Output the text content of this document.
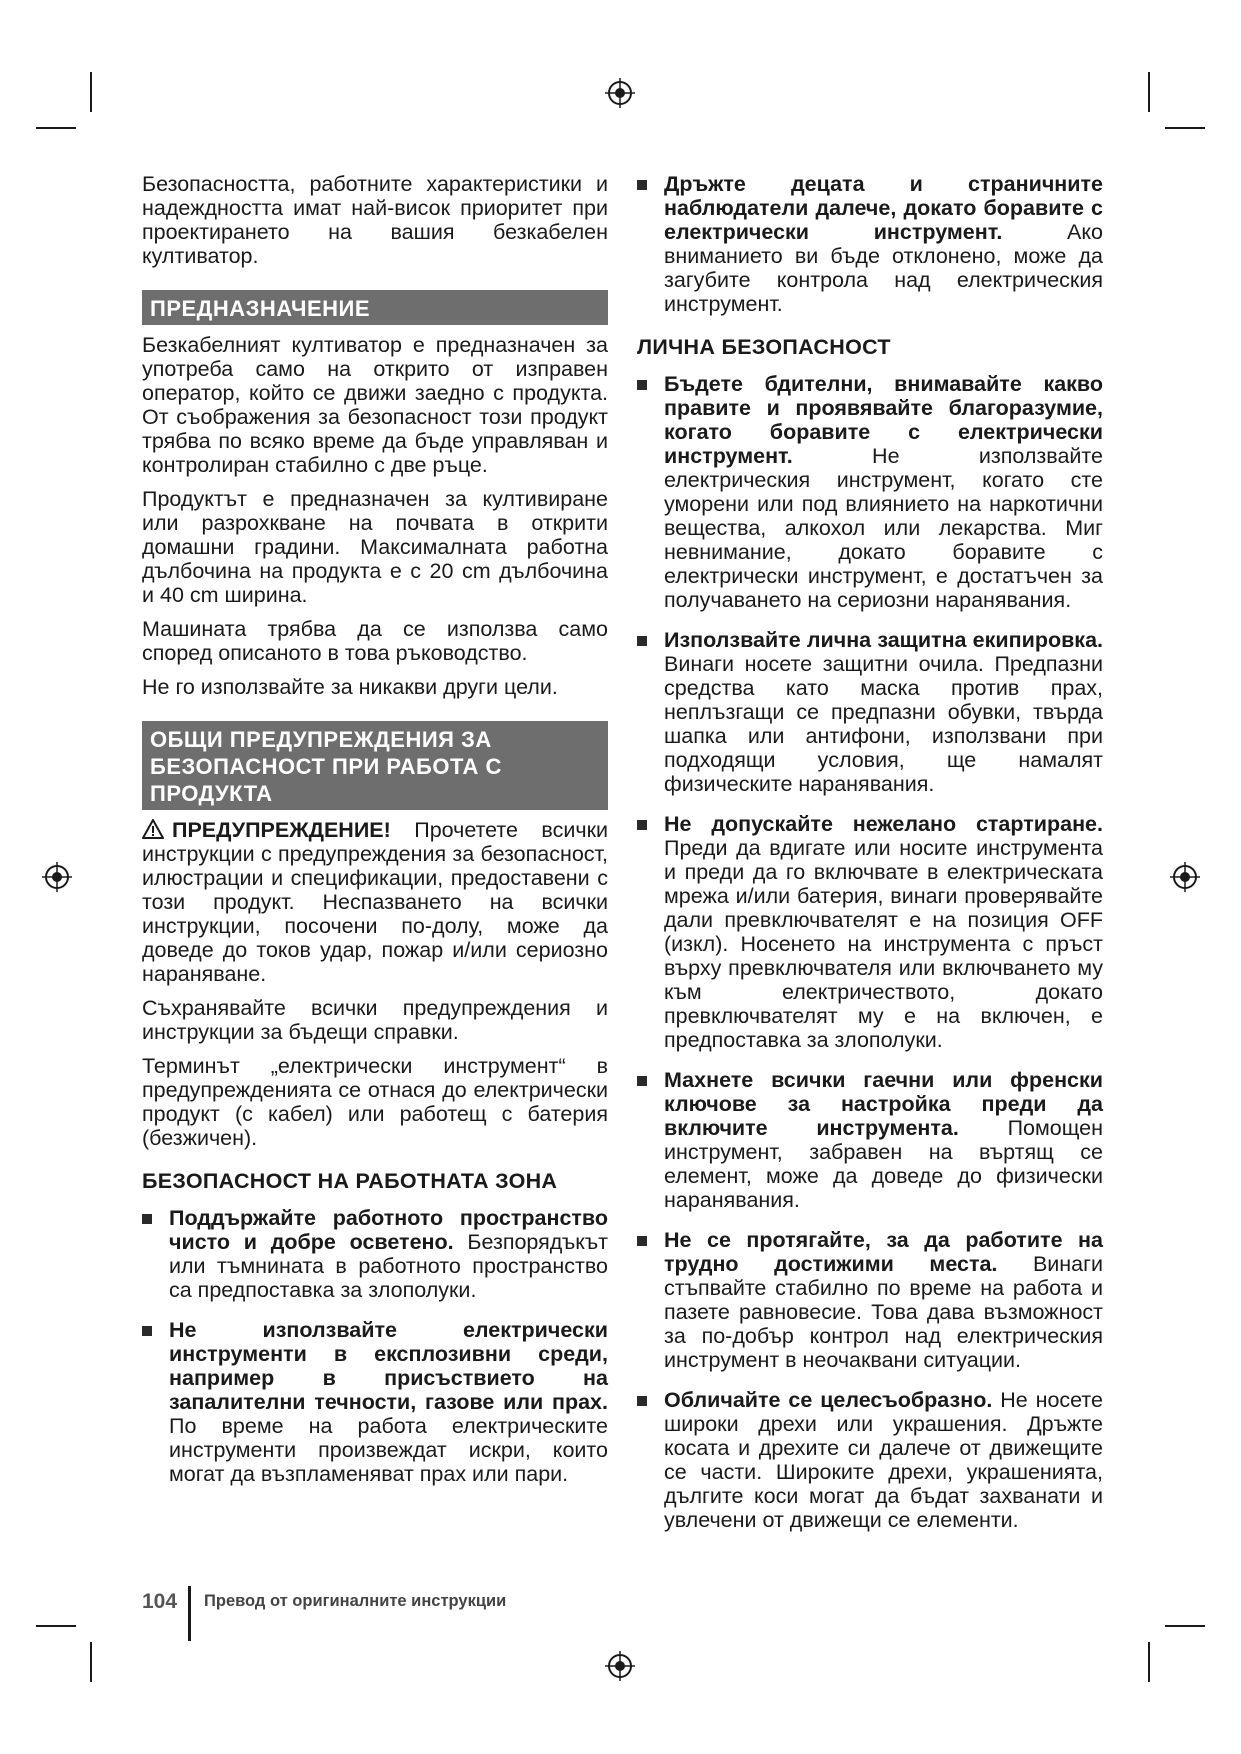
Безопасността, работните характеристики и надеждността имат най-висок приоритет при проектирането на вашия безкабелен култиватор.

ПРЕДНАЗНАЧЕНИЕ

Безкабелният култиватор е предназначен за употреба само на открито от изправен оператор, който се движи заедно с продукта. От съображения за безопасност този продукт трябва по всяко време да бъде управляван и контролиран стабилно с две ръце.

Продуктът е предназначен за култивиране или разрохкване на почвата в открити домашни градини. Максималната работна дълбочина на продукта е с 20 cm дълбочина и 40 cm ширина.

Машината трябва да се използва само според описаното в това ръководство.

Не го използвайте за никакви други цели.

ОБЩИ ПРЕДУПРЕЖДЕНИЯ ЗА БЕЗОПАСНОСТ ПРИ РАБОТА С ПРОДУКТА

ПРЕДУПРЕЖДЕНИЕ! Прочетете всички инструкции с предупреждения за безопасност, илюстрации и спецификации, предоставени с този продукт. Неспазването на всички инструкции, посочени по-долу, може да доведе до токов удар, пожар и/или сериозно нараняване.

Съхранявайте всички предупреждения и инструкции за бъдещи справки.

Терминът „електрически инструмент“ в предупрежденията се отнася до електрически продукт (с кабел) или работещ с батерия (безжичен).

БЕЗОПАСНОСТ НА РАБОТНАТА ЗОНА

Поддържайте работното пространство чисто и добре осветено. Безпорядъкът или тъмнината в работното пространство са предпоставка за злополуки.

Не използвайте електрически инструменти в експлозивни среди, например в присъствието на запалителни течности, газове или прах. По време на работа електрическите инструменти произвеждат искри, които могат да възпламеняват прах или пари.

Дръжте децата и страничните наблюдатели далече, докато боравите с електрически инструмент.	Ако вниманието ви бъде отклонено, може да загубите контрола над електрическия инструмент.

ЛИЧНА БЕЗОПАСНОСТ

Бъдете бдителни, внимавайте какво правите и проявявайте благоразумие, когато боравите с електрически инструмент.	Не използвайте електрическия инструмент, когато сте уморени или под влиянието на наркотични вещества, алкохол или лекарства. Миг невнимание, докато боравите с електрически инструмент, е достатъчен за получаването на сериозни наранявания.

Използвайте лична защитна екипировка. Винаги носете защитни очила. Предпазни средства като маска против прах, неплъзгащи се предпазни обувки, твърда шапка или антифони, използвани при подходящи условия, ще намалят физическите наранявания.

Не допускайте нежелано стартиране. Преди да вдигате или носите инструмента и преди да го включвате в електрическата мрежа и/или батерия, винаги проверявайте дали превключвателят е на позиция OFF (изкл). Носенето на инструмента с пръст върху превключвателя или включването му към електричеството, докато превключвателят му е на включен, е предпоставка за злополуки.

Махнете всички гаечни или френски ключове за настройка преди да включите инструмента. Помощен инструмент, забравен на въртящ се елемент, може да доведе до физически наранявания.

Не се протягайте, за да работите на трудно достижими места. Винаги стъпвайте стабилно по време на работа и пазете равновесие. Това дава възможност за по-добър контрол над електрическия инструмент в неочаквани ситуации.

Обличайте се целесъобразно. Не носете широки дрехи или украшения. Дръжте косата и дрехите си далече от движещите се части. Широките дрехи, украшенията, дългите коси могат да бъдат захванати и увлечени от движещи се елементи.

104 Превод от оригиналните инструкции
